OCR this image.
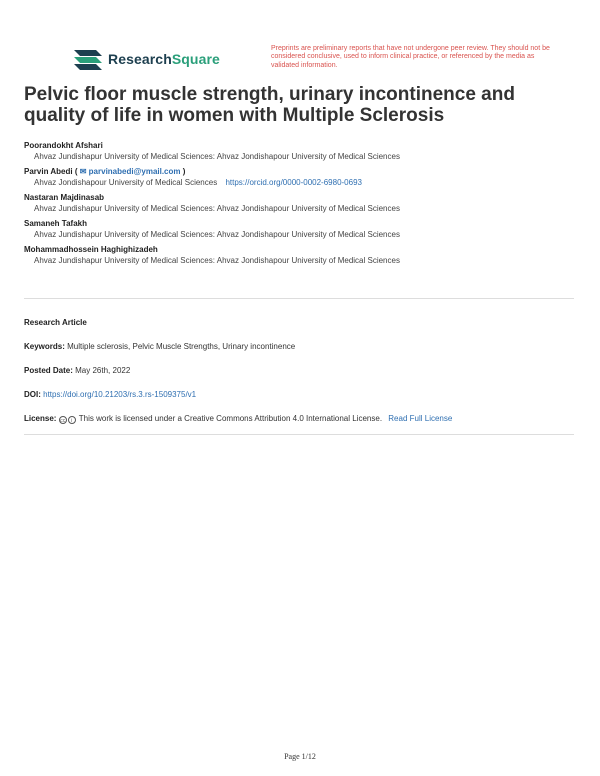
ResearchSquare
Preprints are preliminary reports that have not undergone peer review. They should not be considered conclusive, used to inform clinical practice, or referenced by the media as validated information.
Pelvic floor muscle strength, urinary incontinence and quality of life in women with Multiple Sclerosis
Poorandokht Afshari
Ahvaz Jundishapur University of Medical Sciences: Ahvaz Jondishapour University of Medical Sciences
Parvin Abedi ( ✉ parvinabedi@ymail.com )
Ahvaz Jondishapour University of Medical Sciences https://orcid.org/0000-0002-6980-0693
Nastaran Majdinasab
Ahvaz Jundishapur University of Medical Sciences: Ahvaz Jondishapour University of Medical Sciences
Samaneh Tafakh
Ahvaz Jundishapur University of Medical Sciences: Ahvaz Jondishapour University of Medical Sciences
Mohammadhossein Haghighizadeh
Ahvaz Jundishapur University of Medical Sciences: Ahvaz Jondishapour University of Medical Sciences
Research Article
Keywords: Multiple sclerosis, Pelvic Muscle Strengths, Urinary incontinence
Posted Date: May 26th, 2022
DOI: https://doi.org/10.21203/rs.3.rs-1509375/v1
License: cc i This work is licensed under a Creative Commons Attribution 4.0 International License. Read Full License
Page 1/12
